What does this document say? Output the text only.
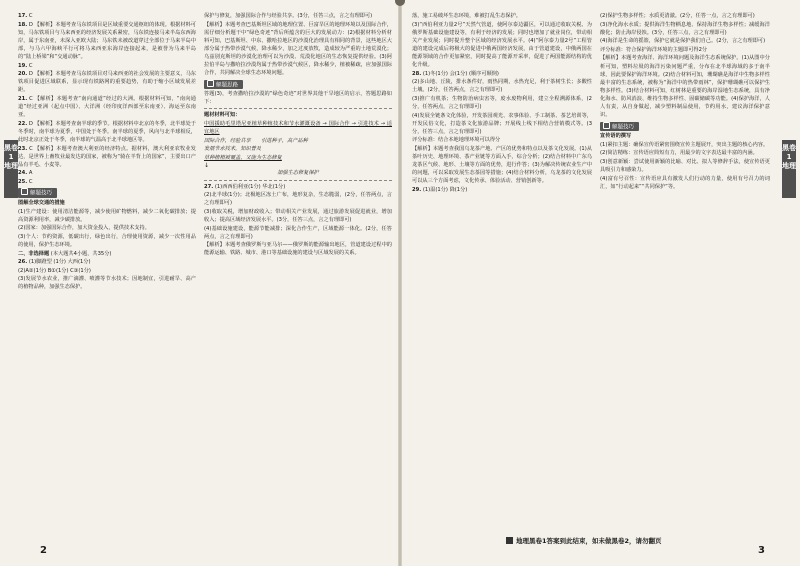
17. C

18. D 【解析】本题考查马东铁项目是区域重要交通枢纽的体现。根据材料可知，马东铁项目与马来西亚的经济发展关系紧密，马东铁连接马来半岛东西海岸，属于东南亚，未深入亚欧大陆；马东铁未被改道穿过全部位于马来半岛中部，与马六甲海峡平行可将马来西亚东海岸连接起来，是被誉为马来半岛的“陆上桥梁”和“交通动脉”。

19. C

20. D 【解析】本题考查马东铁项目对马来西亚的社会发展的主要意义，马东铁项目促进区域联系，显示现有铁路网的重要趋势，有助于缩小区域发展差距。

21. C 【解析】本题考查“南向通道”经过的大洲。根据材料可知，“南向通道”经过亚洲（起点中国）、大洋洲（经印度洋西部至东南亚）、海运至东南亚。

22. D 【解析】本题考查南半球的季节。根据材料中北京的冬季，北半球处于冬季时，南半球为夏季，中国处于冬季。南半球的夏季，风向与北半球相反，此时北京正处于冬季，南半球的气温高于北半球地区等。

23. C 【解析】本题考查澳大利亚的经济特点。据材料，澳大利亚农牧业发达，是世界上畜牧业最发达的国家，被称为“骑在羊背上的国家”，主要出口产品有羊毛、小麦等。

24. A

25. C

解题技巧

图解全球交通的措施

(1)生产建设：使用清洁能源等，减少使用矿物燃料，减少二氧化碳排放；提高资源利用率，减少碳排放。

(2)国家：加强国际合作，加大资金投入，提供技术支持。

(3)个人：节约资源，低碳出行，绿色出行，合理使用资源，减少一次性用品的使用，保护生态环境。

二、非选择题 (本大题共4小题，共35分)

26. (1)脚蹬型 (1分) 大西(1分)

(2)A②(1分) B①(1分) C③(1分)

(3)发展节水农业，推广滴灌、喷灌等节水技术；因地制宜，引进耐旱、高产的植物品种，加强生态保护。

黑卷
1
地理

保护与修复，加强国际合作与经验共享。(3分，任答三点，言之有理即可)

【解析】本题考查巴基斯坦区域的地理位置、巨富旱区的地理环境以及国际合作，需仔细分析题干中“绿色奇迹”背后所蕴含的巨大的发展动力：(2)根据材料分析材料可知，巴基斯坦、中东、撒哈拉地区的沙漠化治理具有相同的背景，这些地区大部分属于热带沙漠气候，降水稀少，加之过度放牧，造成较为严重的土地荒漠化；乌兹别克斯坦的沙漠化治理可以为沙漠、荒漠化地区的生态恢复提供经验。(3)阿拉伯半岛与撒哈拉沙漠均属于热带沙漠气候区，降水稀少，植被稀疏，应加强国际合作，共同解决全球生态环境问题。

解题思路

答题(3)，考查撒哈拉沙漠的“绿色奇迹”对世界其他干旱地区的启示，答题思路如下：

题材材料可知：

中国援助毛里塔尼亚植草种植技术和节水灌溉设备 → 国际合作 → 引进技术 → 适宜地区

国际合作，经验共享　　引进种子，高产品种

发展节水技术，知识普及

草种植植被覆盖，又能为生态修复

↓

加强生态修复保护

27. (1)西西伯利亚(1分) 华北(1分)

(2)北半球(1分)；北极地区冻土广布，地形复杂，生态脆弱，(2分，任答两点，言之有理即可)

(3)收取关税，增加财政收入；带动相关产业发展，通过旅游发展促进就业，增加收入；提高区域经济发展水平。(3分，任答三点，言之有理即可)

(4)基础设施建设，能源节能减排；深化合作生产，区域能源一体化。(2分，任答两点，言之有理即可)

【解析】本题考查俄罗斯与亚马尔——俄罗斯的能源输出地区，管道建设过程中的能源运输、铁路、城市、港口等基础设施的建设与区域发展的关系。

2

落，施工易破坏生态环境，难被打乱生态保护。

(3)“西伯利亚力量2号”天然气管道，使阿尔泰边疆区，可以通过收取关税、为俄罗斯基础设施建设等，有利于经济的发展；同时也增加了就业岗位，带动相关产业发展；同时提升整个区域的经济发展水平。(4)“阿尔泰力量2号”工程管道的建设完成后将极大的促进中俄两国经济发展，由于管道建设，中俄两国在能源领域的合作更加紧密，同时提高了能源开采率，促进了两国能源结构的优化升级。

28. (1)冬(1分) 会(1分) (顺序可颠倒)

(2)多山地、丘陵，排水条件好，雨热同期，水热充足，利于茶树生长；多酸性土壤。(2分，任答两点，言之有理即可)

(3)推广有机茶；生物防治病虫害等，废水废物利用，建立全程溯源体系，(2分，任答两点，言之有理即可)

(4)发展全链条文化体验，开发茶园观光、农事体验、手工制茶、茶艺培训等，开发民俗文化，打造茶文化旅游品牌；开展线上线下相结合营销模式等。(3分，任答三点，言之有理即可)

评分标准：结合本地地理环境可以得分

【解析】本题考查我国乌龙茶产地、产区的优势和特点以及茶文化发展。(1)从茶叶历史、地理环境、茶产业链等方面入手，综合分析；(2)结合材料中广东乌龙茶区气候、地形、土壤等方面的优势，进行作答；(3)为解决传统农业生产中的问题，可以采取发展生态茶园等措施；(4)结合材料分析，乌龙茶的文化发展可以从三个方面考虑，文化传承、体验活动、营销创新等。

29. (1)温(1分) 降(1分)

(2)保护生物多样性；水质更清澈。(2分，任答一点，言之有理即可)

(3)净化海水水质；提供海洋生物栖息地、保持海洋生物多样性；减缓海洋酸化；防止海岸侵蚀。(3分，任答三点，言之有理即可)

(4)海洋是生命的摇篮，保护它就是保护我们自己。(2分，言之有理即可)

评分标准：符合保护海洋环境的主题即可得2分

【解析】本题考查海洋、海洋环境问题及海洋生态系统保护。(1)从图中分析可知，塑料垃圾的海洋污染问题严重，分布在北半球海域的多于南半球，因此要保护海洋环境。(2)结合材料可知，珊瑚礁是海洋中生物多样性最丰富的生态系统，被称为“海洋中的热带雨林”，保护珊瑚礁可以保护生物多样性。(3)结合材料可知，红树林是重要的海岸湿地生态系统，具有净化海水、防风消浪、维持生物多样性、固碳储碳等功能。(4)保护海洋，人人有责，从自身做起，减少塑料制品使用，节约用水，建议海洋保护意识。

解题技巧

宣传语的撰写

(1)紧扣主题：确保宣传语紧密围绕宣传主题展开，突出主题的核心内容。

(2)简洁精练：宣传语应简短有力，用最少的文字表达最丰富的内涵。

(3)创意新颖：尝试使用新颖的比喻、对比、拟人等修辞手法，使宣传语更具吸引力和感染力。

(4)富有号召性：宣传语应具有激发人们行动的力量，使用有号召力的词汇，如“行动起来”“共同保护”等。

黑卷
1
地理
地理黑卷1答案到此结束，如未做黑卷2，请勿翻页
3
